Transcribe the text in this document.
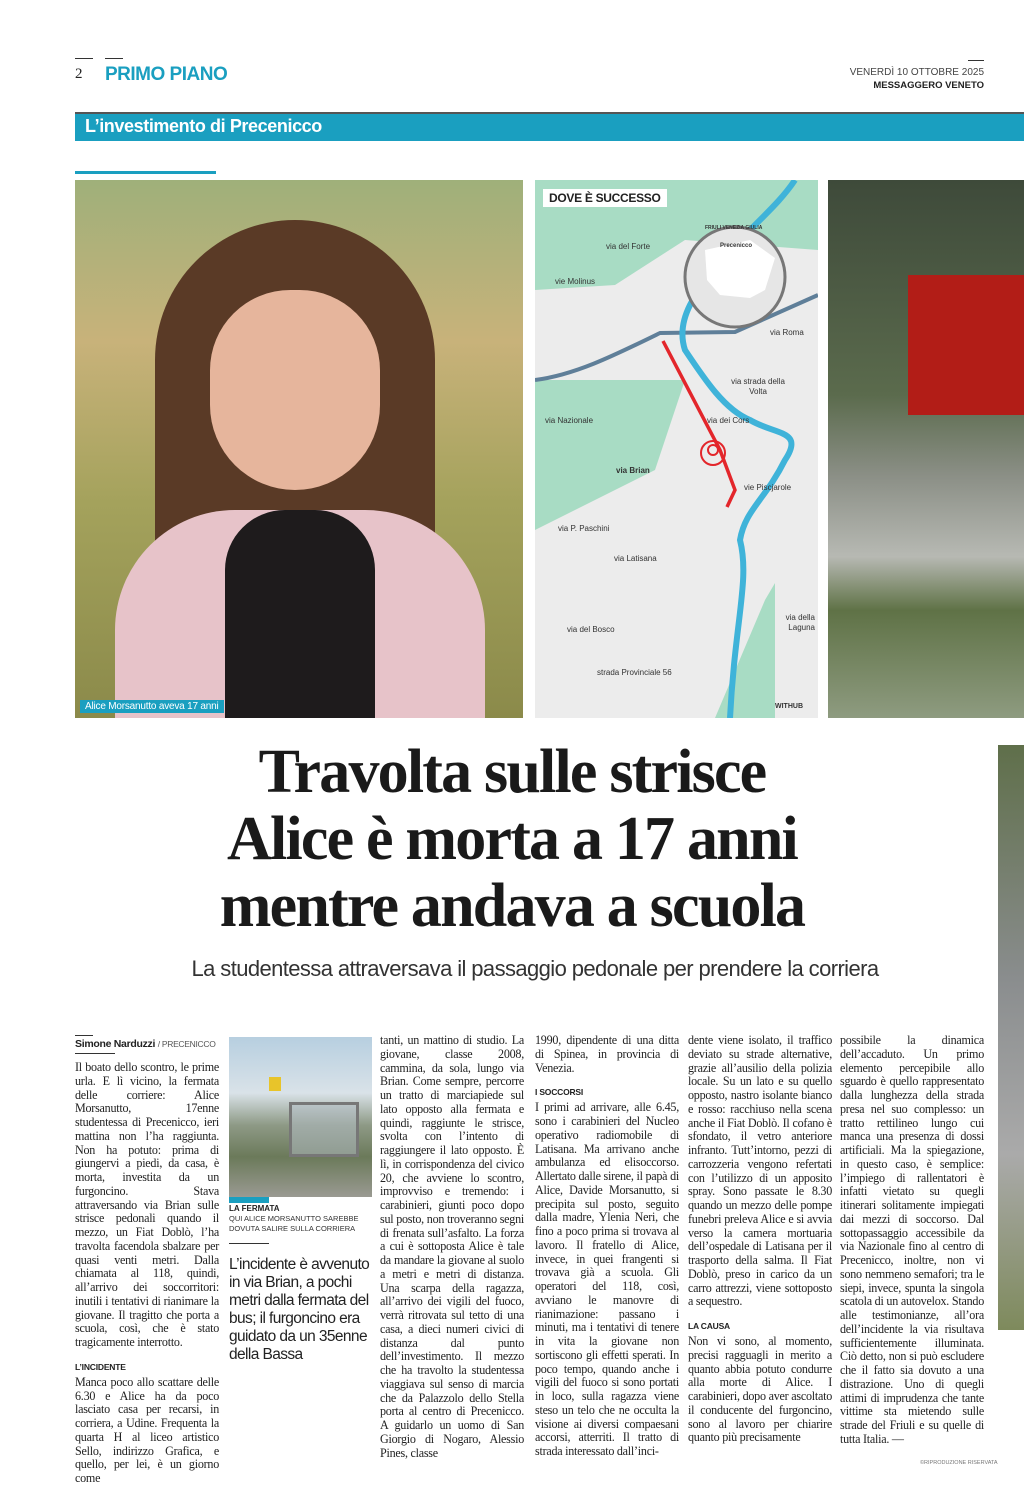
2 PRIMO PIANO	VENERDÌ 10 OTTOBRE 2025
MESSAGGERO VENETO
L’investimento di Precenicco
Alice Morsanutto aveva 17 anni
DOVE È SUCCESSO
FRIULI VENEZIA GIULIA
Precenicco
via del Forte
vie Molinus
via Roma
via strada della Volta
via Nazionale	via dei Cors
via Brian
vie Piscjarole
via P. Paschini
via Latisana
via del Bosco
via della Laguna
strada Provinciale 56
WITHUB
Travolta sulle strisce
Alice è morta a 17 anni
mentre andava a scuola
La studentessa attraversava il passaggio pedonale per prendere la corriera
Simone Narduzzi / PRECENICCO

Il boato dello scontro, le prime urla. E lì vicino, la fermata delle corriere: Alice Morsanutto, 17enne studentessa di Precenicco, ieri mattina non l’ha raggiunta. Non ha potuto: prima di giungervi a piedi, da casa, è morta, investita da un furgoncino. Stava attraversando via Brian sulle strisce pedonali quando il mezzo, un Fiat Doblò, l’ha travolta facendola sbalzare per quasi venti metri. Dalla chiamata al 118, quindi, all’arrivo dei soccorritori: inutili i tentativi di rianimare la giovane. Il tragitto che porta a scuola, così, che è stato tragicamente interrotto.

L’INCIDENTE

Manca poco allo scattare delle 6.30 e Alice ha da poco lasciato casa per recarsi, in corriera, a Udine. Frequenta la quarta H al liceo artistico Sello, indirizzo Grafica, e quello, per lei, è un giorno come

LA FERMATA
QUI ALICE MORSANUTTO SAREBBE DOVUTA SALIRE SULLA CORRIERA
L’incidente è avvenuto in via Brian, a pochi metri dalla fermata del bus; il furgoncino era guidato da un 35enne della Bassa

tanti, un mattino di studio. La giovane, classe 2008, cammina, da sola, lungo via Brian. Come sempre, percorre un tratto di marciapiede sul lato opposto alla fermata e quindi, raggiunte le strisce, svolta con l’intento di raggiungere il lato opposto. È lì, in corrispondenza del civico 20, che avviene lo scontro, improvviso e tremendo: i carabinieri, giunti poco dopo sul posto, non troveranno segni di frenata sull’asfalto. La forza a cui è sottoposta Alice è tale da mandare la giovane al suolo a metri e metri di distanza. Una scarpa della ragazza, all’arrivo dei vigili del fuoco, verrà ritrovata sul tetto di una casa, a dieci numeri civici di distanza dal punto dell’investimento. Il mezzo che ha travolto la studentessa viaggiava sul senso di marcia che da Palazzolo dello Stella porta al centro di Precenicco. A guidarlo un uomo di San Giorgio di Nogaro, Alessio Pines, classe

1990, dipendente di una ditta di Spinea, in provincia di Venezia.

I SOCCORSI

I primi ad arrivare, alle 6.45, sono i carabinieri del Nucleo operativo radiomobile di Latisana. Ma arrivano anche ambulanza ed elisoccorso. Allertato dalle sirene, il papà di Alice, Davide Morsanutto, si precipita sul posto, seguito dalla madre, Ylenia Neri, che fino a poco prima si trovava al lavoro. Il fratello di Alice, invece, in quei frangenti si trovava già a scuola. Gli operatori del 118, così, avviano le manovre di rianimazione: passano i minuti, ma i tentativi di tenere in vita la giovane non sortiscono gli effetti sperati. In poco tempo, quando anche i vigili del fuoco si sono portati in loco, sulla ragazza viene steso un telo che ne occulta la visione ai diversi compaesani accorsi, atterriti. Il tratto di strada interessato dall’inci-

dente viene isolato, il traffico deviato su strade alternative, grazie all’ausilio della polizia locale. Su un lato e su quello opposto, nastro isolante bianco e rosso: racchiuso nella scena anche il Fiat Doblò. Il cofano è sfondato, il vetro anteriore infranto. Tutt’intorno, pezzi di carrozzeria vengono refertati con l’utilizzo di un apposito spray. Sono passate le 8.30 quando un mezzo delle pompe funebri preleva Alice e si avvia verso la camera mortuaria dell’ospedale di Latisana per il trasporto della salma. Il Fiat Doblò, preso in carico da un carro attrezzi, viene sottoposto a sequestro.

LA CAUSA

Non vi sono, al momento, precisi ragguagli in merito a quanto abbia potuto condurre alla morte di Alice. I carabinieri, dopo aver ascoltato il conducente del furgoncino, sono al lavoro per chiarire quanto più precisamente

possibile la dinamica dell’accaduto. Un primo elemento percepibile allo sguardo è quello rappresentato dalla lunghezza della strada presa nel suo complesso: un tratto rettilineo lungo cui manca una presenza di dossi artificiali. Ma la spiegazione, in questo caso, è semplice: l’impiego di rallentatori è infatti vietato su quegli itinerari solitamente impiegati dai mezzi di soccorso. Dal sottopassaggio accessibile da via Nazionale fino al centro di Precenicco, inoltre, non vi sono nemmeno semafori; tra le siepi, invece, spunta la singola scatola di un autovelox. Stando alle testimonianze, all’ora dell’incidente la via risultava sufficientemente illuminata. Ciò detto, non si può escludere che il fatto sia dovuto a una distrazione. Uno di quegli attimi di imprudenza che tante vittime sta mietendo sulle strade del Friuli e su quelle di tutta Italia. —

©RIPRODUZIONE RISERVATA
